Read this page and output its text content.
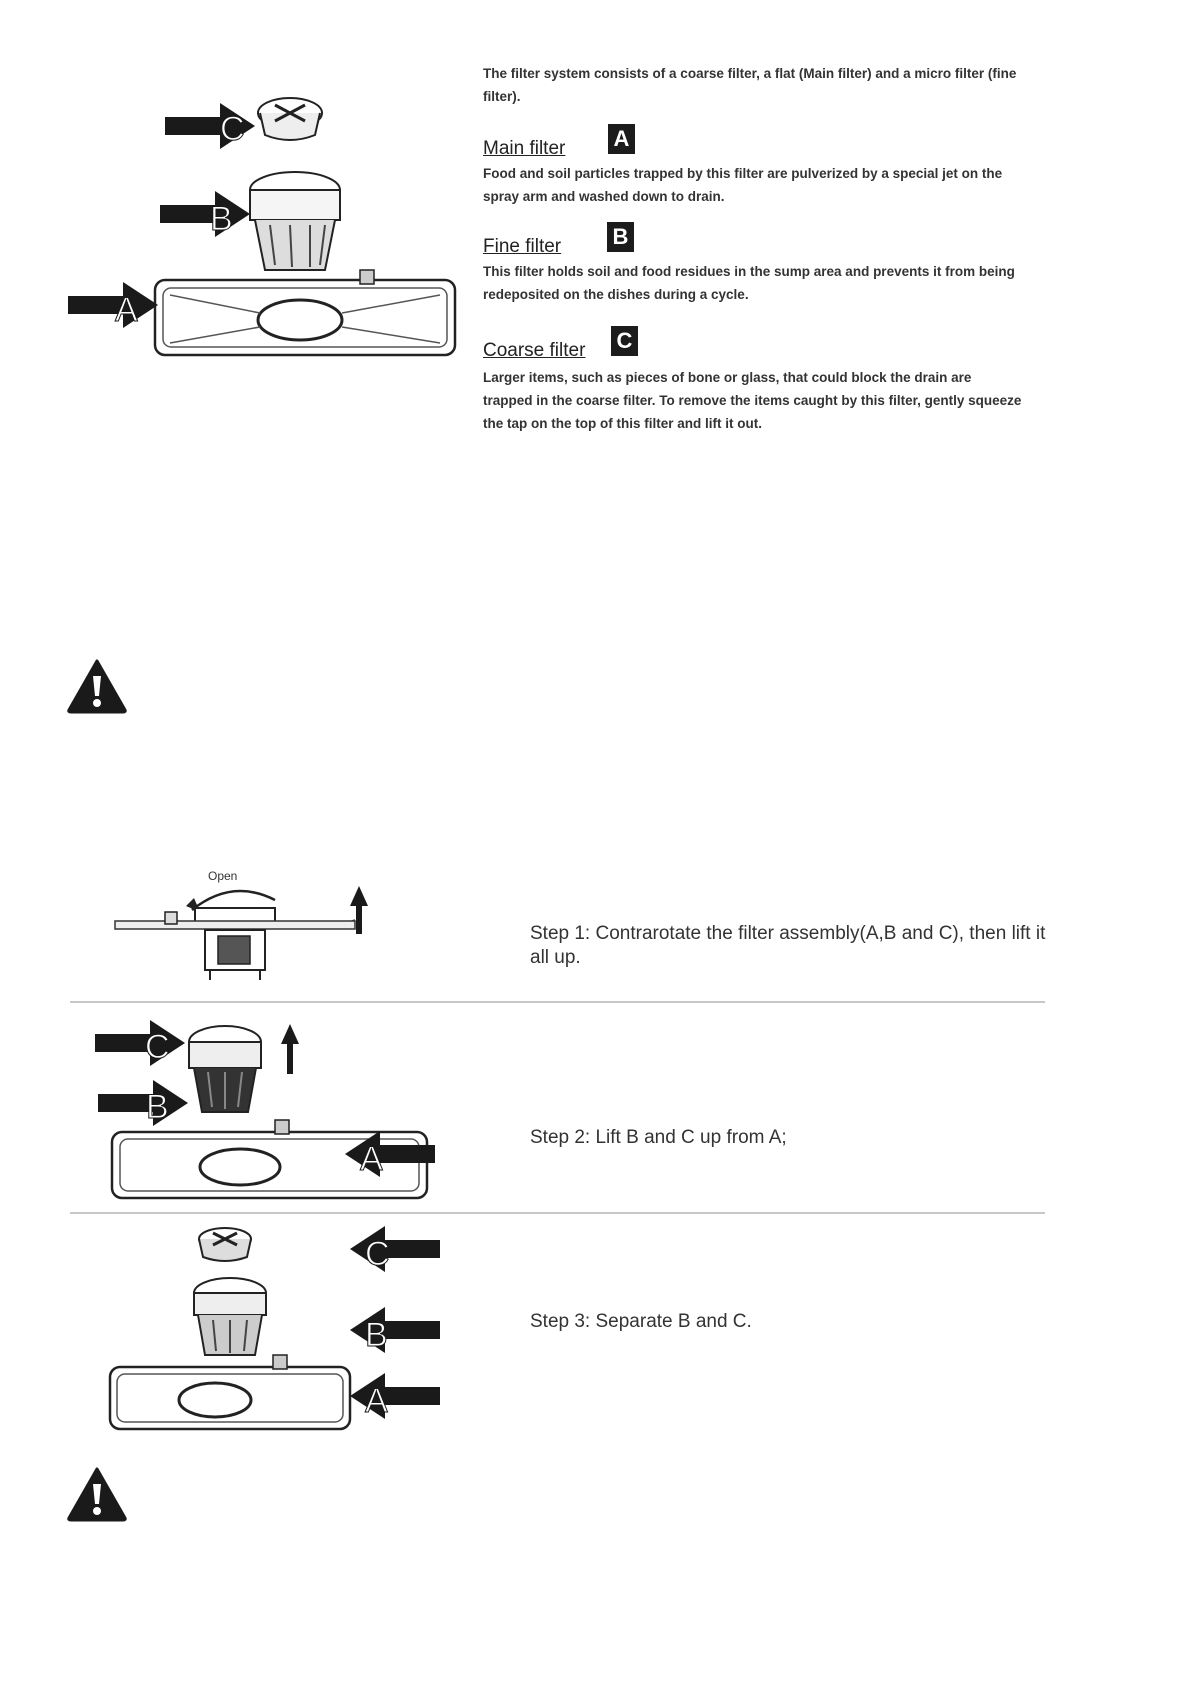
C
B
A
The filter system consists of a coarse filter, a flat (Main filter) and a micro filter (fine filter).
Main filter A
Food and soil particles trapped by this filter are pulverized by a special jet on the spray arm and washed down to drain.
Fine filter B
This filter holds soil and food residues in the sump area and prevents it from being redeposited on the dishes during a cycle.
Coarse filter C
Larger items, such as pieces of bone or glass, that could block the drain are trapped in the coarse filter. To remove the items caught by this filter, gently squeeze the tap on the top of this filter and lift it out.
Open
Step 1: Contrarotate the filter assembly(A,B and C), then lift it all up.
C
B
A
Step 2: Lift B and C up from A;
C
B
A
Step 3: Separate B and C.
